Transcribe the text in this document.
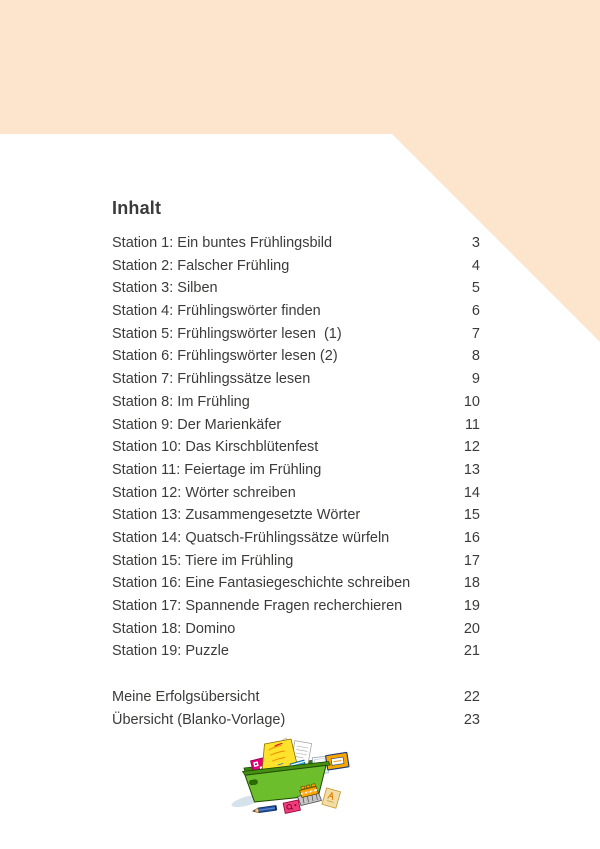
Inhalt
Station 1: Ein buntes Frühlingsbild	3
Station 2: Falscher Frühling	4
Station 3: Silben	5
Station 4: Frühlingswörter finden	6
Station 5: Frühlingswörter lesen  (1)	7
Station 6: Frühlingswörter lesen (2)	8
Station 7: Frühlingssätze lesen	9
Station 8: Im Frühling	10
Station 9: Der Marienkäfer	11
Station 10: Das Kirschblütenfest	12
Station 11: Feiertage im Frühling	13
Station 12: Wörter schreiben	14
Station 13: Zusammengesetzte Wörter	15
Station 14: Quatsch-Frühlingssätze würfeln	16
Station 15: Tiere im Frühling	17
Station 16: Eine Fantasiegeschichte schreiben	18
Station 17: Spannende Fragen recherchieren	19
Station 18: Domino	20
Station 19: Puzzle	21
Meine Erfolgsübersicht	22
Übersicht (Blanko-Vorlage)	23
